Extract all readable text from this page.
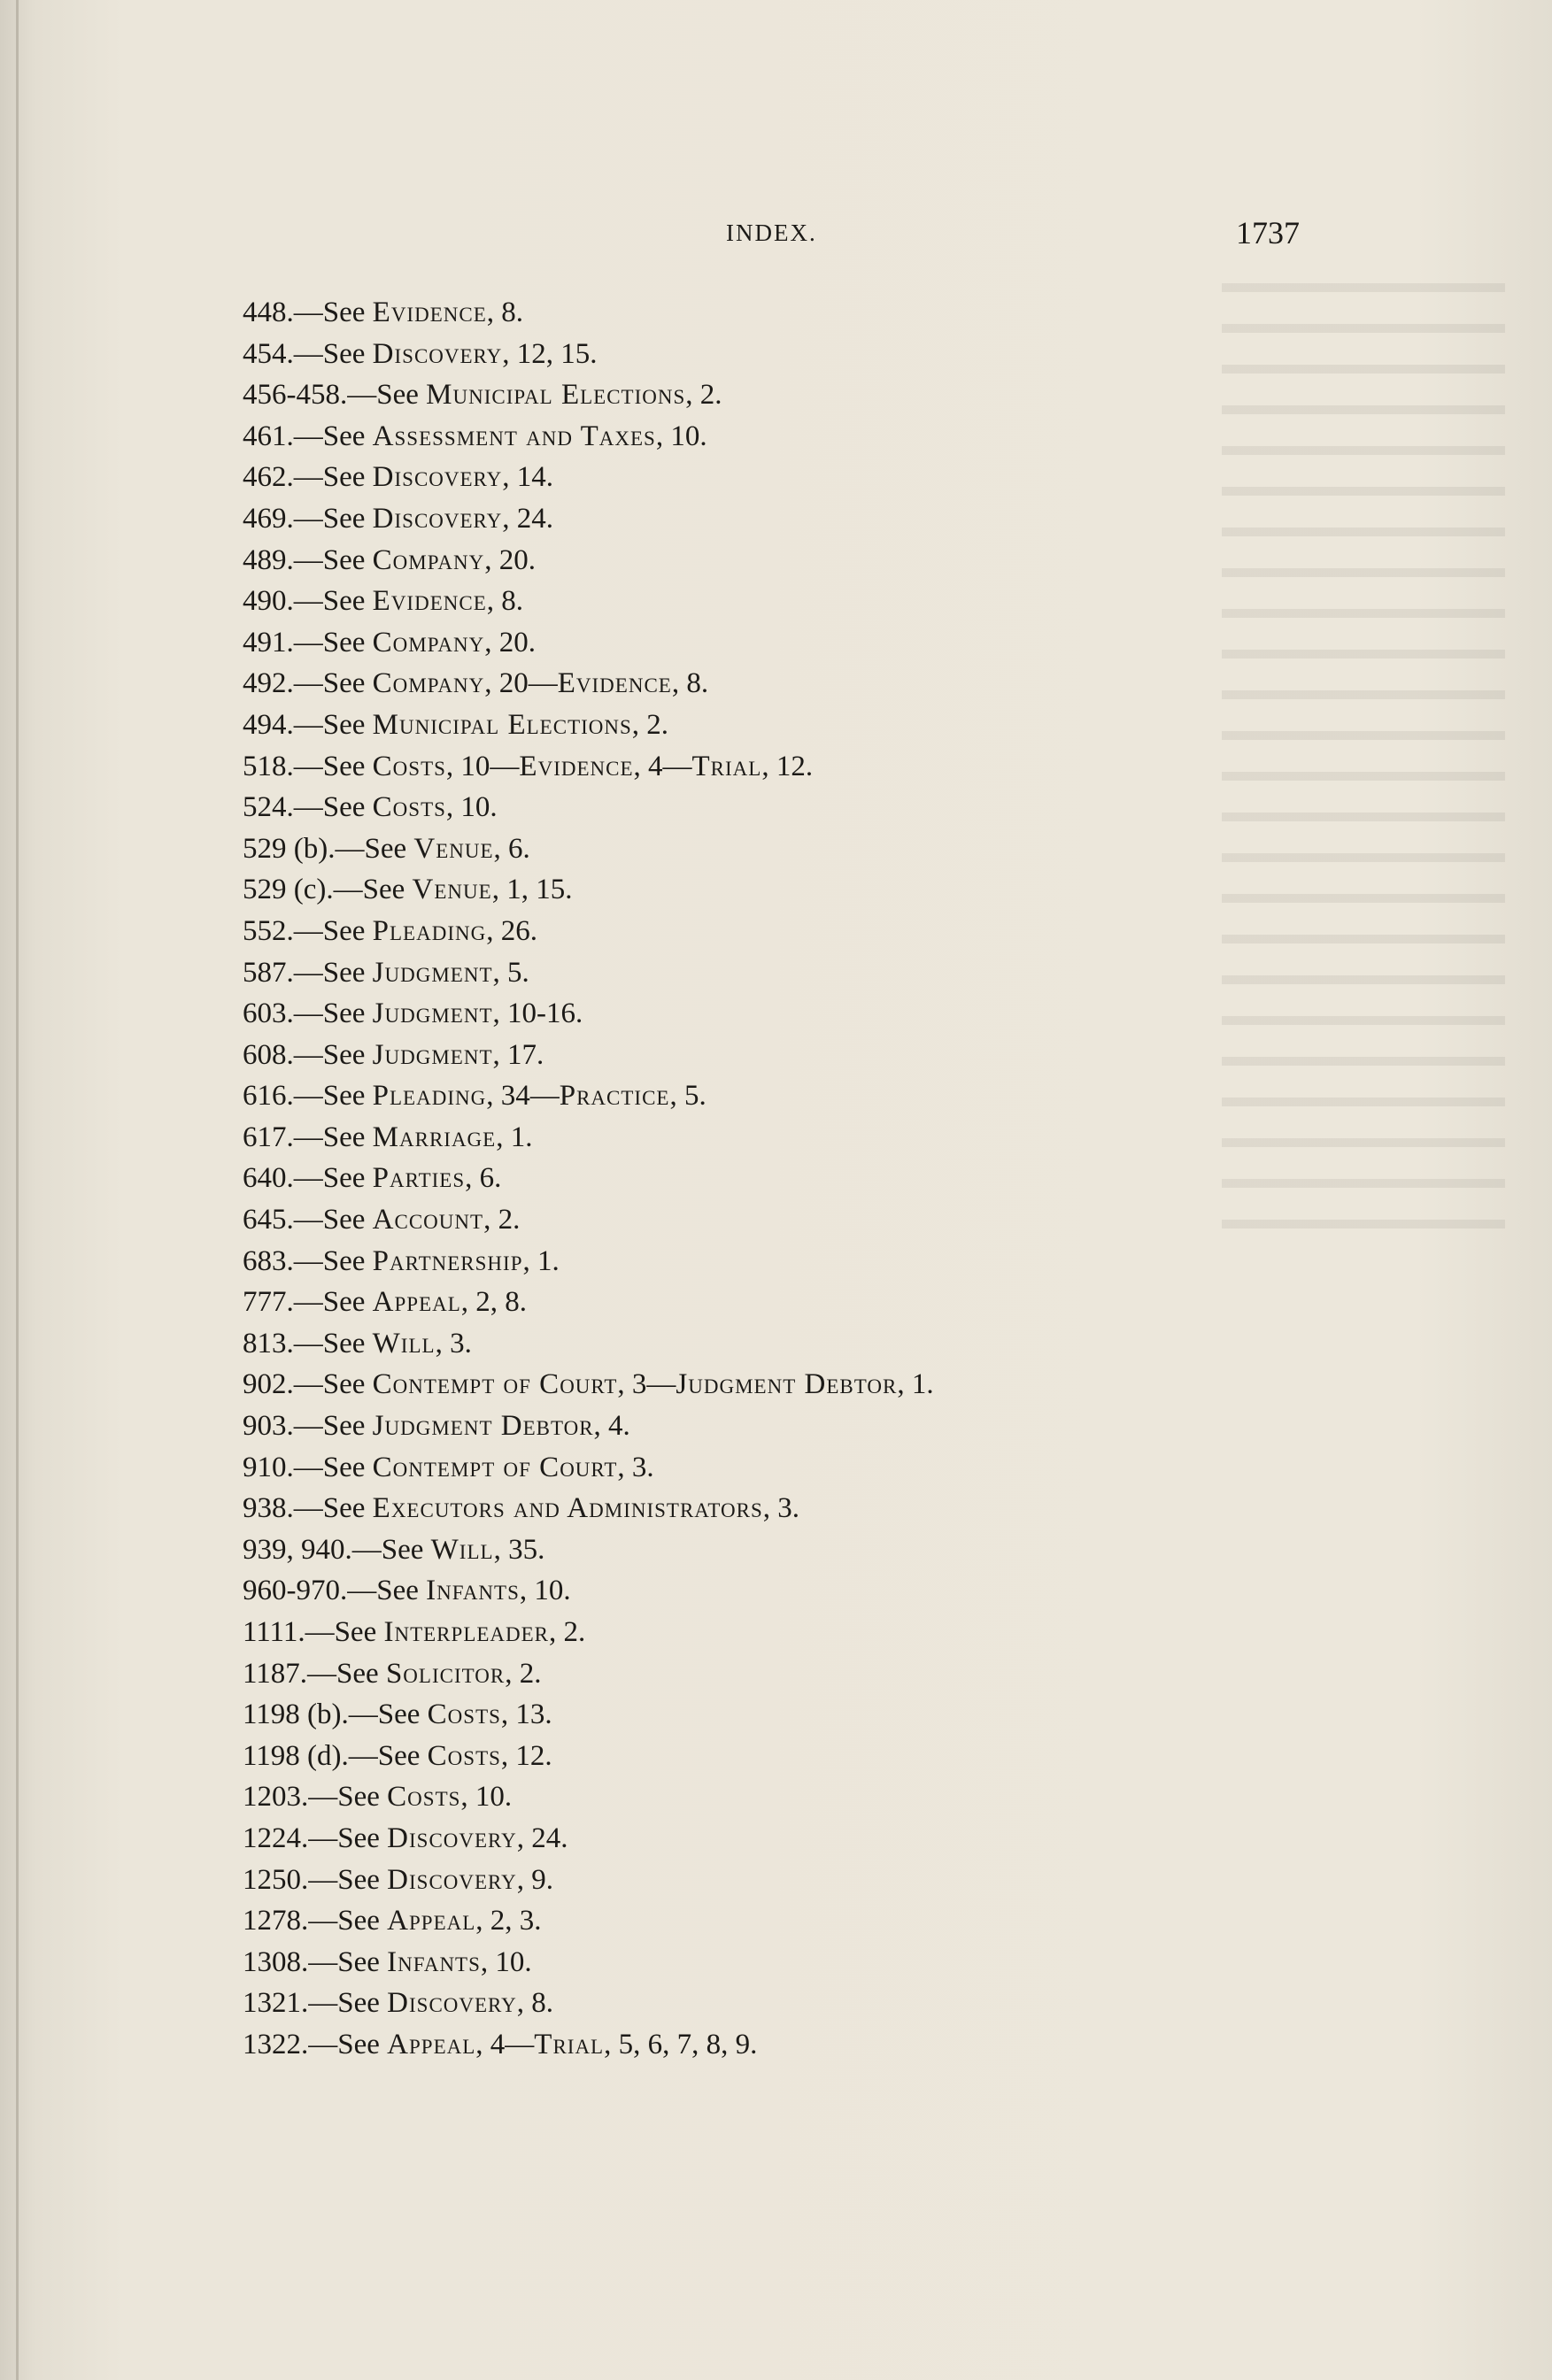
INDEX.	1737
448.—See Evidence, 8.
454.—See Discovery, 12, 15.
456-458.—See Municipal Elections, 2.
461.—See Assessment and Taxes, 10.
462.—See Discovery, 14.
469.—See Discovery, 24.
489.—See Company, 20.
490.—See Evidence, 8.
491.—See Company, 20.
492.—See Company, 20—Evidence, 8.
494.—See Municipal Elections, 2.
518.—See Costs, 10—Evidence, 4—Trial, 12.
524.—See Costs, 10.
529 (b).—See Venue, 6.
529 (c).—See Venue, 1, 15.
552.—See Pleading, 26.
587.—See Judgment, 5.
603.—See Judgment, 10-16.
608.—See Judgment, 17.
616.—See Pleading, 34—Practice, 5.
617.—See Marriage, 1.
640.—See Parties, 6.
645.—See Account, 2.
683.—See Partnership, 1.
777.—See Appeal, 2, 8.
813.—See Will, 3.
902.—See Contempt of Court, 3—Judgment Debtor, 1.
903.—See Judgment Debtor, 4.
910.—See Contempt of Court, 3.
938.—See Executors and Administrators, 3.
939, 940.—See Will, 35.
960-970.—See Infants, 10.
1111.—See Interpleader, 2.
1187.—See Solicitor, 2.
1198 (b).—See Costs, 13.
1198 (d).—See Costs, 12.
1203.—See Costs, 10.
1224.—See Discovery, 24.
1250.—See Discovery, 9.
1278.—See Appeal, 2, 3.
1308.—See Infants, 10.
1321.—See Discovery, 8.
1322.—See Appeal, 4—Trial, 5, 6, 7, 8, 9.
